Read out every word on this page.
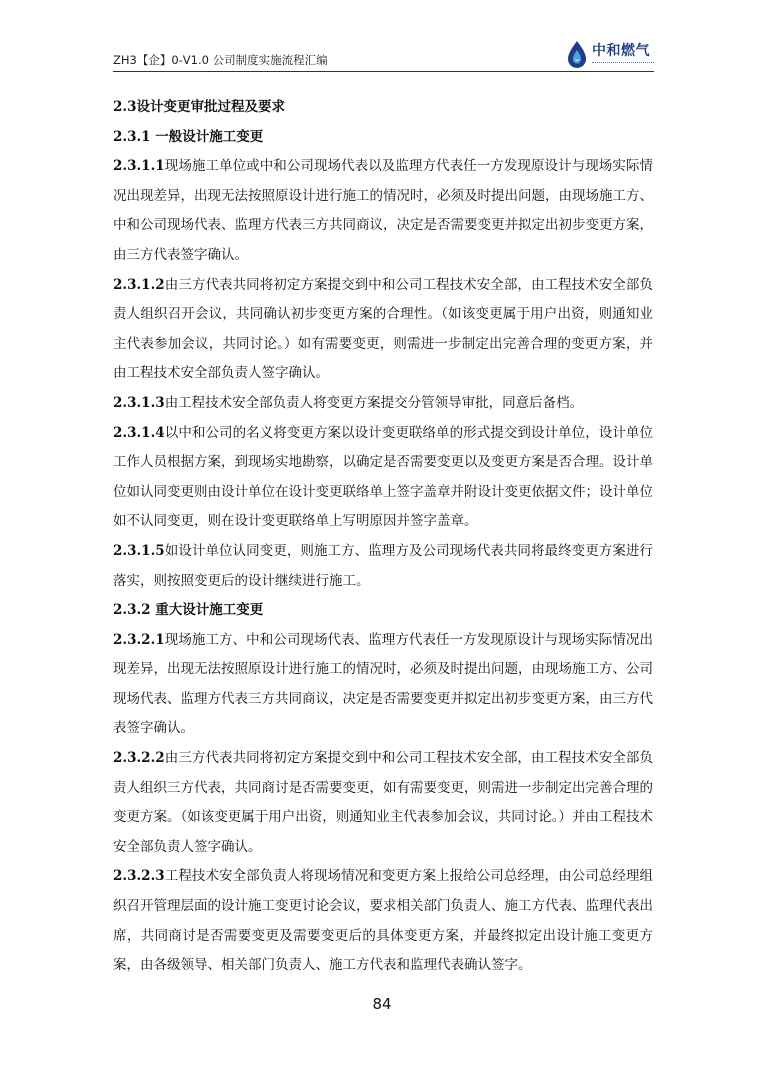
ZH3【企】0-V1.0 公司制度实施流程汇编
中和燃气

2.3设计变更审批过程及要求

2.3.1 一般设计施工变更

2.3.1.1现场施工单位或中和公司现场代表以及监理方代表任一方发现原设计与现场实际情况出现差异，出现无法按照原设计进行施工的情况时，必须及时提出问题，由现场施工方、中和公司现场代表、监理方代表三方共同商议，决定是否需要变更并拟定出初步变更方案，由三方代表签字确认。

2.3.1.2由三方代表共同将初定方案提交到中和公司工程技术安全部，由工程技术安全部负责人组织召开会议，共同确认初步变更方案的合理性。（如该变更属于用户出资，则通知业主代表参加会议，共同讨论。）如有需要变更，则需进一步制定出完善合理的变更方案，并由工程技术安全部负责人签字确认。

2.3.1.3由工程技术安全部负责人将变更方案提交分管领导审批，同意后备档。

2.3.1.4以中和公司的名义将变更方案以设计变更联络单的形式提交到设计单位，设计单位工作人员根据方案，到现场实地勘察，以确定是否需要变更以及变更方案是否合理。设计单位如认同变更则由设计单位在设计变更联络单上签字盖章并附设计变更依据文件；设计单位如不认同变更，则在设计变更联络单上写明原因并签字盖章。

2.3.1.5如设计单位认同变更，则施工方、监理方及公司现场代表共同将最终变更方案进行落实，则按照变更后的设计继续进行施工。

2.3.2 重大设计施工变更

2.3.2.1现场施工方、中和公司现场代表、监理方代表任一方发现原设计与现场实际情况出现差异，出现无法按照原设计进行施工的情况时，必须及时提出问题，由现场施工方、公司现场代表、监理方代表三方共同商议，决定是否需要变更并拟定出初步变更方案，由三方代表签字确认。

2.3.2.2由三方代表共同将初定方案提交到中和公司工程技术安全部，由工程技术安全部负责人组织三方代表，共同商讨是否需要变更，如有需要变更，则需进一步制定出完善合理的变更方案。（如该变更属于用户出资，则通知业主代表参加会议，共同讨论。）并由工程技术安全部负责人签字确认。

2.3.2.3工程技术安全部负责人将现场情况和变更方案上报给公司总经理，由公司总经理组织召开管理层面的设计施工变更讨论会议，要求相关部门负责人、施工方代表、监理代表出席，共同商讨是否需要变更及需要变更后的具体变更方案，并最终拟定出设计施工变更方案，由各级领导、相关部门负责人、施工方代表和监理代表确认签字。

84
